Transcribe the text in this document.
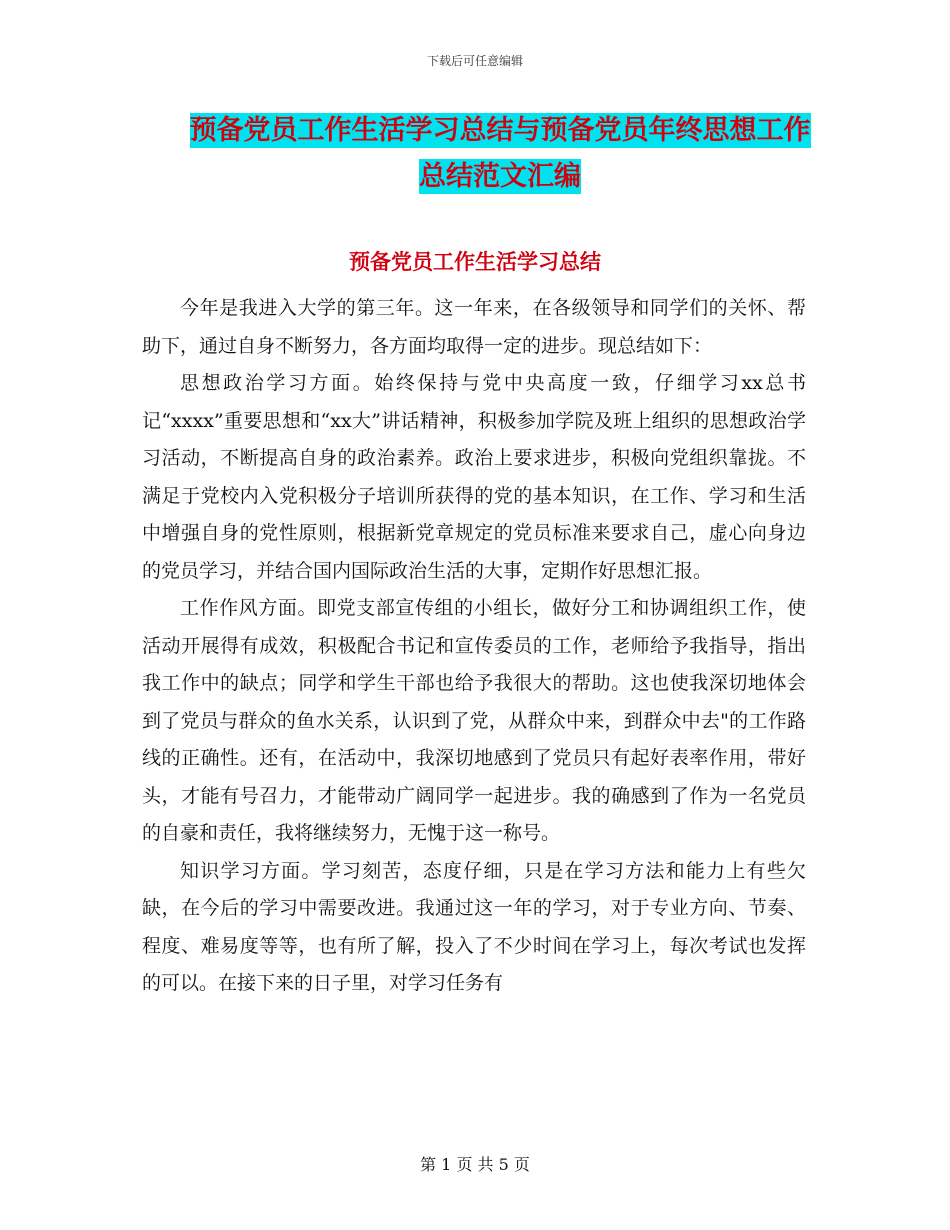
下载后可任意编辑
预备党员工作生活学习总结与预备党员年终思想工作
总结范文汇编
预备党员工作生活学习总结

今年是我进入大学的第三年。这一年来，在各级领导和同学们的关怀、帮助下，通过自身不断努力，各方面均取得一定的进步。现总结如下：

思想政治学习方面。始终保持与党中央高度一致，仔细学习xx总书记“xxxx”重要思想和“xx大”讲话精神，积极参加学院及班上组织的思想政治学习活动，不断提高自身的政治素养。政治上要求进步，积极向党组织靠拢。不满足于党校内入党积极分子培训所获得的党的基本知识，在工作、学习和生活中增强自身的党性原则，根据新党章规定的党员标准来要求自己，虚心向身边的党员学习，并结合国内国际政治生活的大事，定期作好思想汇报。

工作作风方面。即党支部宣传组的小组长，做好分工和协调组织工作，使活动开展得有成效，积极配合书记和宣传委员的工作，老师给予我指导，指出我工作中的缺点；同学和学生干部也给予我很大的帮助。这也使我深切地体会到了党员与群众的鱼水关系，认识到了党，从群众中来，到群众中去"的工作路线的正确性。还有，在活动中，我深切地感到了党员只有起好表率作用，带好头，才能有号召力，才能带动广阔同学一起进步。我的确感到了作为一名党员的自豪和责任，我将继续努力，无愧于这一称号。

知识学习方面。学习刻苦，态度仔细，只是在学习方法和能力上有些欠缺，在今后的学习中需要改进。我通过这一年的学习，对于专业方向、节奏、程度、难易度等等，也有所了解，投入了不少时间在学习上，每次考试也发挥的可以。在接下来的日子里，对学习任务有

第 1 页 共 5 页
